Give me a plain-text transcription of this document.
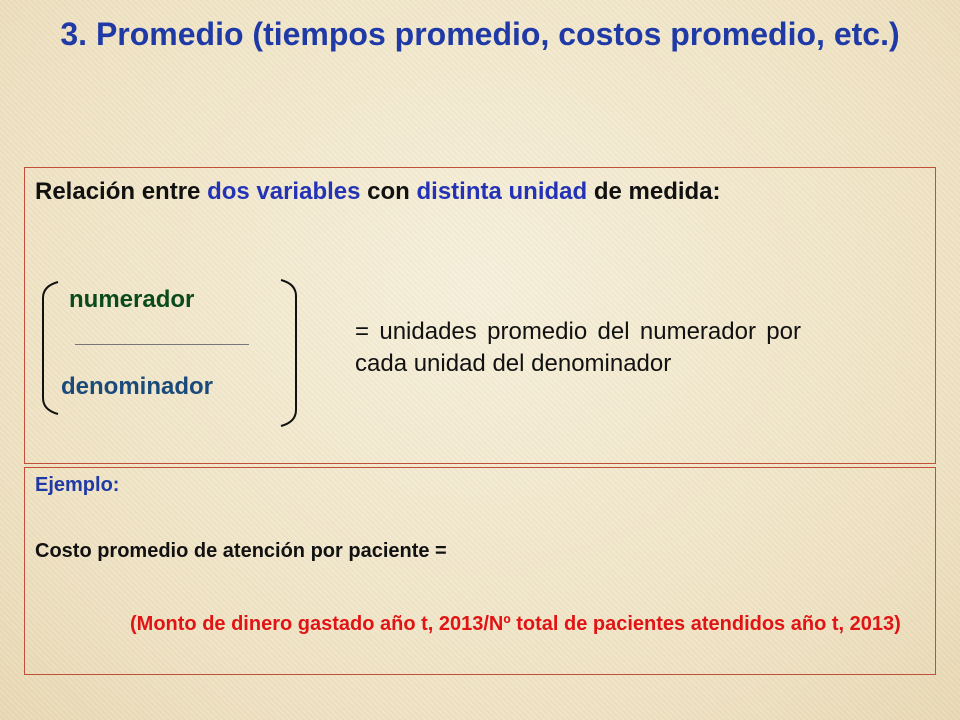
3. Promedio (tiempos promedio, costos promedio, etc.)
Relación entre dos variables con distinta unidad de medida:
numerador
denominador
= unidades promedio del numerador por cada unidad del denominador
Ejemplo:
Costo promedio de atención por paciente =
(Monto de dinero gastado año t, 2013/Nº total de pacientes atendidos año t, 2013)
